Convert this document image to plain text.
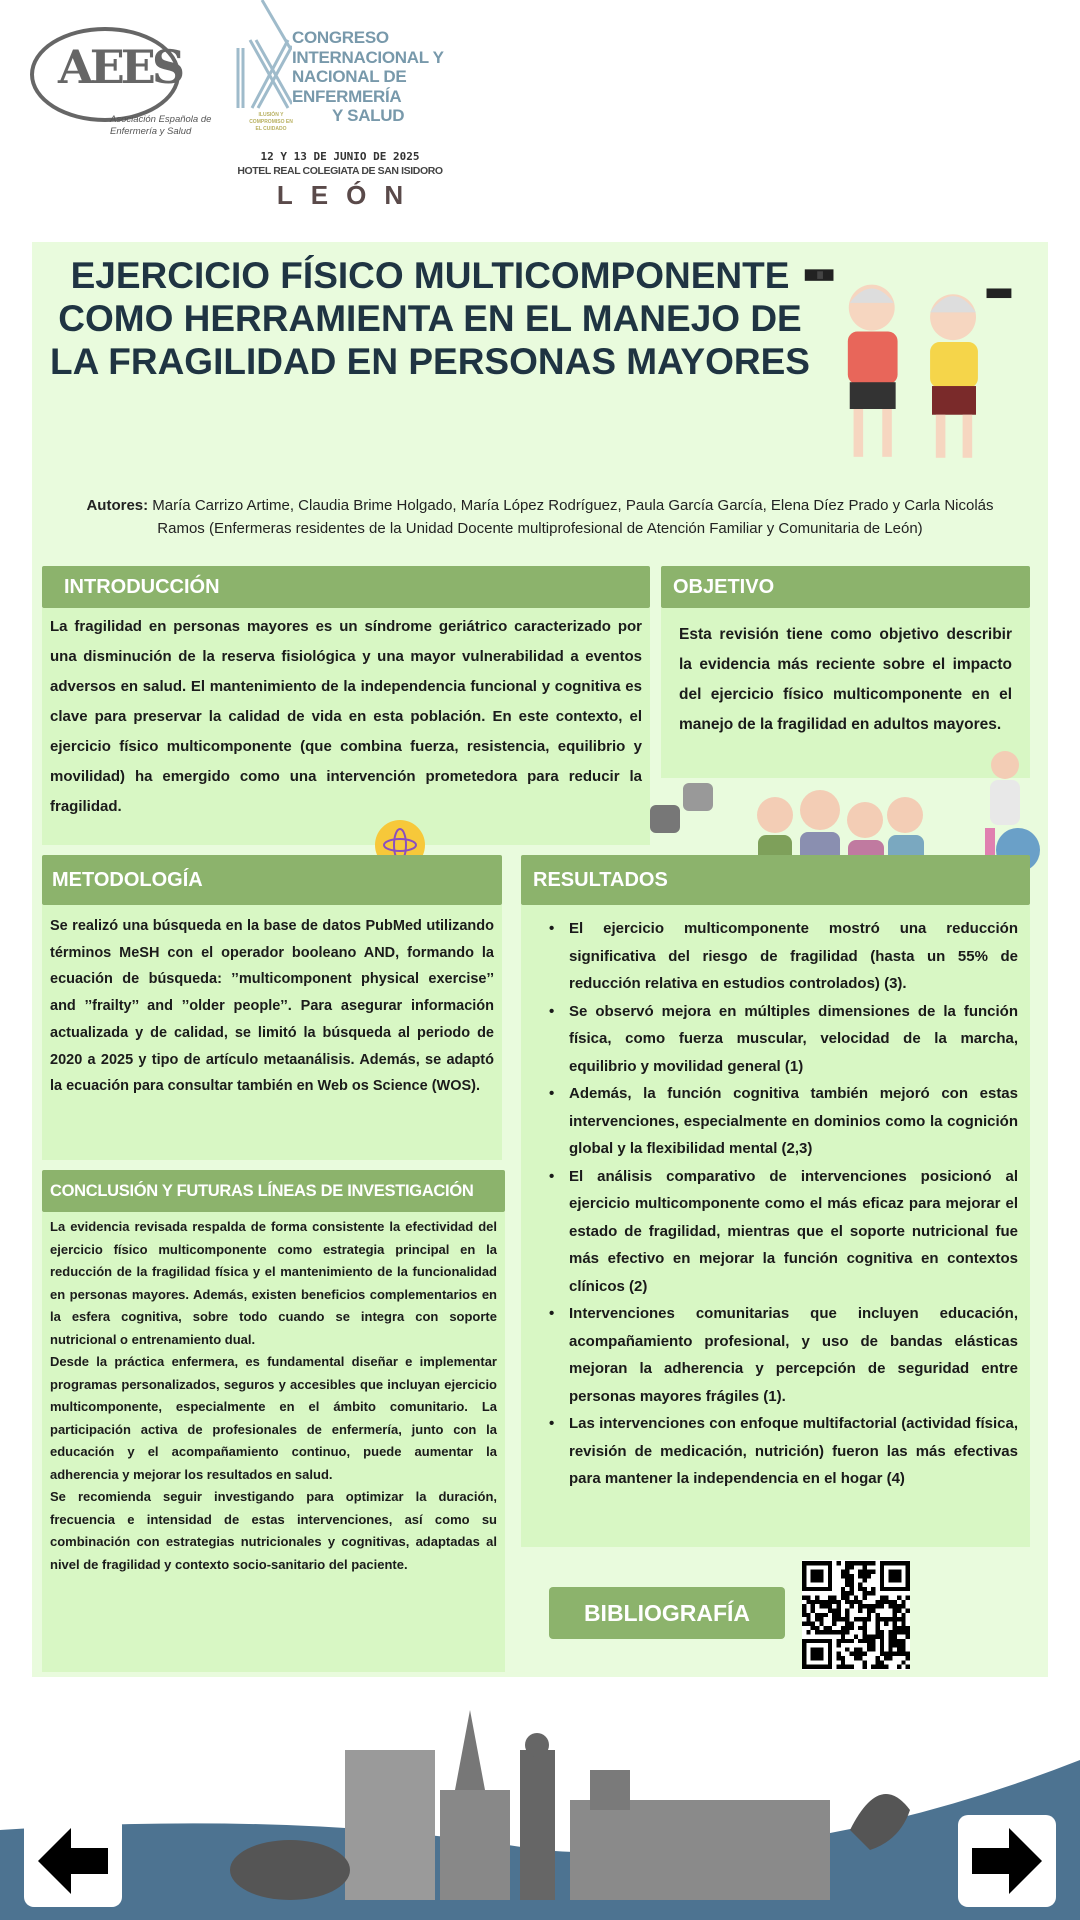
AEES
Asociación Española de Enfermería y Salud
CONGRESO
INTERNACIONAL Y
NACIONAL DE
ENFERMERÍA
Y SALUD
ILUSIÓN Y COMPROMISO EN EL CUIDADO
12 Y 13 DE JUNIO DE 2025
HOTEL REAL COLEGIATA DE SAN ISIDORO
LEÓN
EJERCICIO FÍSICO MULTICOMPONENTE COMO HERRAMIENTA EN EL MANEJO DE LA FRAGILIDAD EN PERSONAS MAYORES
Autores: María Carrizo Artime, Claudia Brime Holgado, María López Rodríguez, Paula García García, Elena Díez Prado y Carla Nicolás Ramos (Enfermeras residentes de la Unidad Docente multiprofesional de Atención Familiar y Comunitaria de León)
INTRODUCCIÓN

La fragilidad en personas mayores es un síndrome geriátrico caracterizado por una disminución de la reserva fisiológica y una mayor vulnerabilidad a eventos adversos en salud. El mantenimiento de la independencia funcional y cognitiva es clave para preservar la calidad de vida en esta población. En este contexto, el ejercicio físico multicomponente (que combina fuerza, resistencia, equilibrio y movilidad) ha emergido como una intervención prometedora para reducir la fragilidad.

OBJETIVO

Esta revisión tiene como objetivo describir la evidencia más reciente sobre el impacto del ejercicio físico multicomponente en el manejo de la fragilidad en adultos mayores.

METODOLOGÍA

Se realizó una búsqueda en la base de datos PubMed utilizando términos MeSH con el operador booleano AND, formando la ecuación de búsqueda: ’’multicomponent physical exercise’’ and ’’frailty’’ and ’’older people’’. Para asegurar información actualizada y de calidad, se limitó la búsqueda al periodo de 2020 a 2025 y tipo de artículo metaanálisis. Además, se adaptó la ecuación para consultar también en Web os Science (WOS).

RESULTADOS
• El ejercicio multicomponente mostró una reducción significativa del riesgo de fragilidad (hasta un 55% de reducción relativa en estudios controlados) (3).
• Se observó mejora en múltiples dimensiones de la función física, como fuerza muscular, velocidad de la marcha, equilibrio y movilidad general (1)
• Además, la función cognitiva también mejoró con estas intervenciones, especialmente en dominios como la cognición global y la flexibilidad mental (2,3)
• El análisis comparativo de intervenciones posicionó al ejercicio multicomponente como el más eficaz para mejorar el estado de fragilidad, mientras que el soporte nutricional fue más efectivo en mejorar la función cognitiva en contextos clínicos (2)
• Intervenciones comunitarias que incluyen educación, acompañamiento profesional, y uso de bandas elásticas mejoran la adherencia y percepción de seguridad entre personas mayores frágiles (1).
• Las intervenciones con enfoque multifactorial (actividad física, revisión de medicación, nutrición) fueron las más efectivas para mantener la independencia en el hogar (4)
CONCLUSIÓN Y FUTURAS LÍNEAS DE INVESTIGACIÓN

La evidencia revisada respalda de forma consistente la efectividad del ejercicio físico multicomponente como estrategia principal en la reducción de la fragilidad física y el mantenimiento de la funcionalidad en personas mayores. Además, existen beneficios complementarios en la esfera cognitiva, sobre todo cuando se integra con soporte nutricional o entrenamiento dual.

Desde la práctica enfermera, es fundamental diseñar e implementar programas personalizados, seguros y accesibles que incluyan ejercicio multicomponente, especialmente en el ámbito comunitario. La participación activa de profesionales de enfermería, junto con la educación y el acompañamiento continuo, puede aumentar la adherencia y mejorar los resultados en salud.

Se recomienda seguir investigando para optimizar la duración, frecuencia e intensidad de estas intervenciones, así como su combinación con estrategias nutricionales y cognitivas, adaptadas al nivel de fragilidad y contexto socio-sanitario del paciente.

BIBLIOGRAFÍA
